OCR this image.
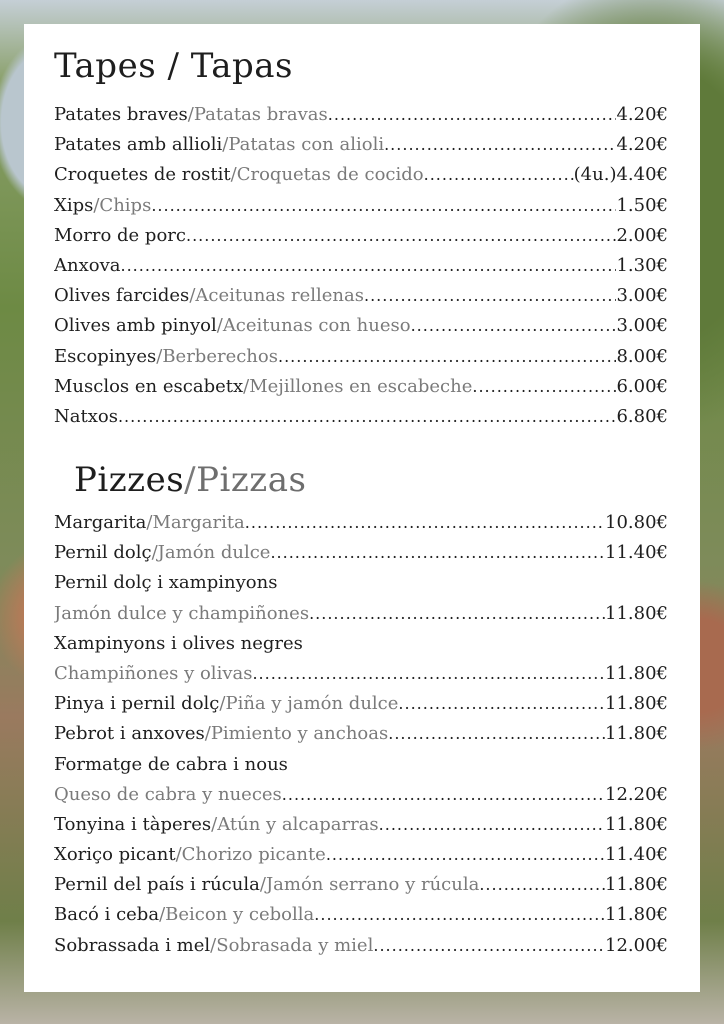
Tapes / Tapas
Patates braves / Patatas bravas .....	4.20€
Patates amb allioli / Patatas con alioli .....	4.20€
Croquetes de rostit / Croquetas de cocido .....	(4u.) 4.40€
Xips / Chips .....	1.50€
Morro de porc .....	2.00€
Anxova .....	1.30€
Olives farcides / Aceitunas rellenas .....	3.00€
Olives amb pinyol / Aceitunas con hueso .....	3.00€
Escopinyes / Berberechos .....	8.00€
Musclos en escabetx / Mejillones en escabeche .....	6.00€
Natxos .....	6.80€
Pizzes/Pizzas
Margarita / Margarita .....	10.80€
Pernil dolç / Jamón dulce .....	11.40€
Pernil dolç i xampinyons
Jamón dulce y champiñones .....	11.80€
Xampinyons i olives negres
Champiñones y olivas .....	11.80€
Pinya i pernil dolç / Piña y jamón dulce .....	11.80€
Pebrot i anxoves / Pimiento y anchoas .....	11.80€
Formatge de cabra i nous
Queso de cabra y nueces .....	12.20€
Tonyina i tàperes / Atún y alcaparras .....	11.80€
Xoriço picant / Chorizo picante .....	11.40€
Pernil del país i rúcula / Jamón serrano y rúcula .....	11.80€
Bacó i ceba / Beicon y cebolla .....	11.80€
Sobrassada i mel / Sobrasada y miel .....	12.00€
